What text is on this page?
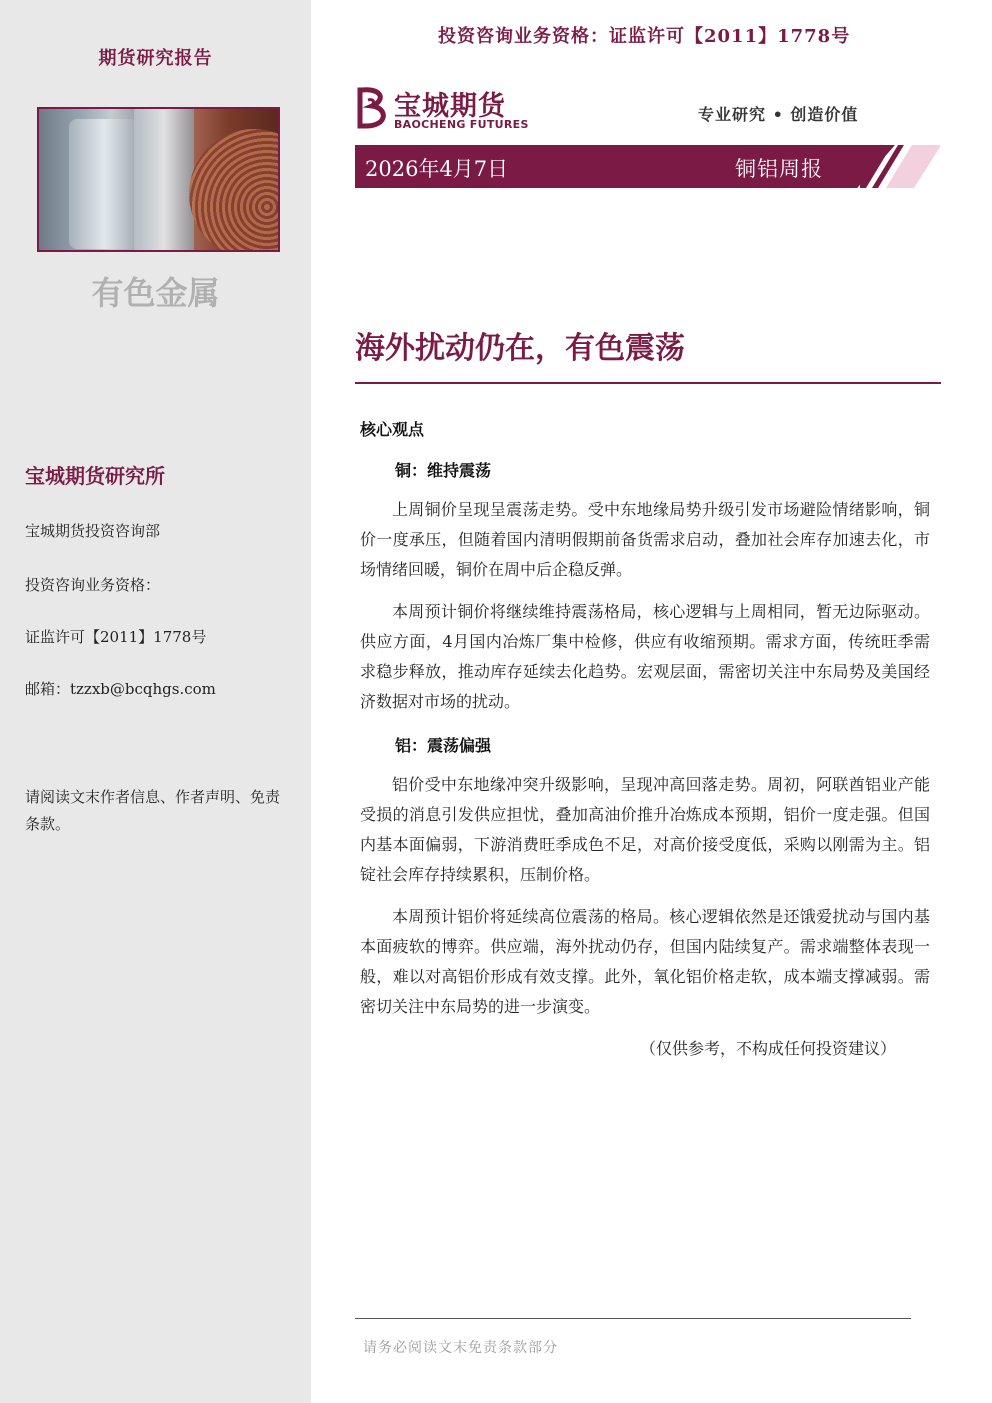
期货研究报告
有色金属
宝城期货研究所
宝城期货投资咨询部
投资咨询业务资格：
证监许可【2011】1778号
邮箱：tzzxb@bcqhgs.com
请阅读文末作者信息、作者声明、免责条款。
投资咨询业务资格：证监许可【2011】1778号
宝城期货
BAOCHENG FUTURES
专业研究 • 创造价值
2026年4月7日	铜铝周报
海外扰动仍在，有色震荡
核心观点
铜：维持震荡
上周铜价呈现呈震荡走势。受中东地缘局势升级引发市场避险情绪影响，铜价一度承压，但随着国内清明假期前备货需求启动，叠加社会库存加速去化，市场情绪回暖，铜价在周中后企稳反弹。
本周预计铜价将继续维持震荡格局，核心逻辑与上周相同，暂无边际驱动。供应方面，4月国内冶炼厂集中检修，供应有收缩预期。需求方面，传统旺季需求稳步释放，推动库存延续去化趋势。宏观层面，需密切关注中东局势及美国经济数据对市场的扰动。
铝：震荡偏强
铝价受中东地缘冲突升级影响，呈现冲高回落走势。周初，阿联酋铝业产能受损的消息引发供应担忧，叠加高油价推升冶炼成本预期，铝价一度走强。但国内基本面偏弱，下游消费旺季成色不足，对高价接受度低，采购以刚需为主。铝锭社会库存持续累积，压制价格。
本周预计铝价将延续高位震荡的格局。核心逻辑依然是还饿爱扰动与国内基本面疲软的博弈。供应端，海外扰动仍存，但国内陆续复产。需求端整体表现一般，难以对高铝价形成有效支撑。此外，氧化铝价格走软，成本端支撑减弱。需密切关注中东局势的进一步演变。
（仅供参考，不构成任何投资建议）
请务必阅读文末免责条款部分
